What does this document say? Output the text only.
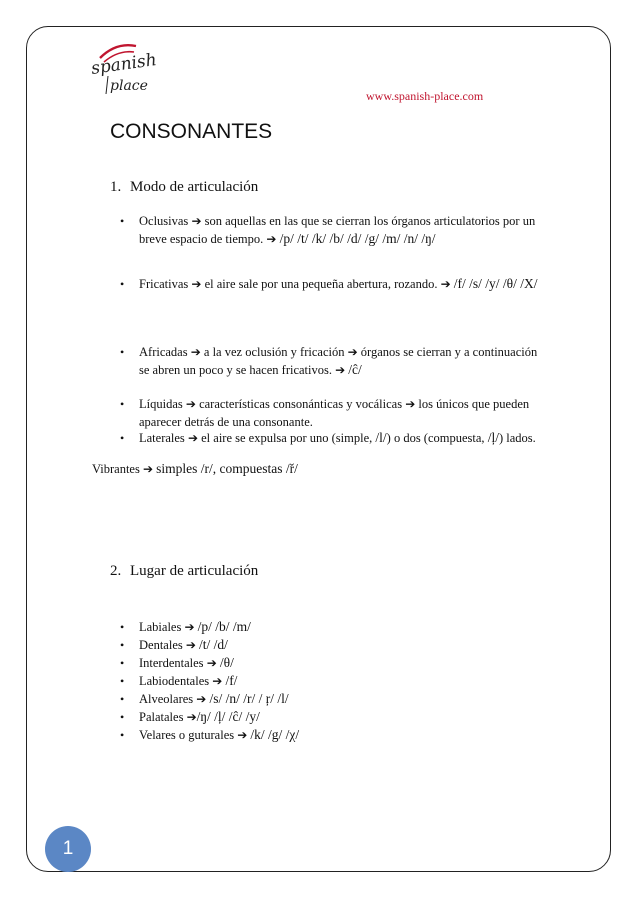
spanish
place
www.spanish-place.com
CONSONANTES
1. Modo de articulación
•	Oclusivas ➔ son aquellas en las que se cierran los órganos articulatorios por un breve espacio de tiempo. ➔ /p/ /t/ /k/ /b/ /d/ /g/ /m/ /n/ /ŋ/
•	Fricativas ➔ el aire sale por una pequeña abertura, rozando. ➔ /f/ /s/ /y/ /θ/ /X/
•	Africadas ➔ a la vez oclusión y fricación ➔ órganos se cierran y a continuación se abren un poco y se hacen fricativos. ➔ /ĉ/
•	Líquidas ➔ características consonánticas y vocálicas ➔ los únicos que pueden aparecer detrás de una consonante.
•	Laterales ➔ el aire se expulsa por uno (simple, /l/) o dos (compuesta, /ļ/) lados.
Vibrantes ➔ simples /r/, compuestas /ř/
2. Lugar de articulación
•	Labiales ➔ /p/ /b/ /m/
•	Dentales ➔ /t/ /d/
•	Interdentales ➔ /θ/
•	Labiodentales ➔ /f/
•	Alveolares ➔ /s/ /n/ /r/ / ŗ/ /l/
•	Palatales ➔/ŋ/ /ļ/ /ĉ/ /y/
•	Velares o guturales ➔ /k/ /g/ /χ/
1
